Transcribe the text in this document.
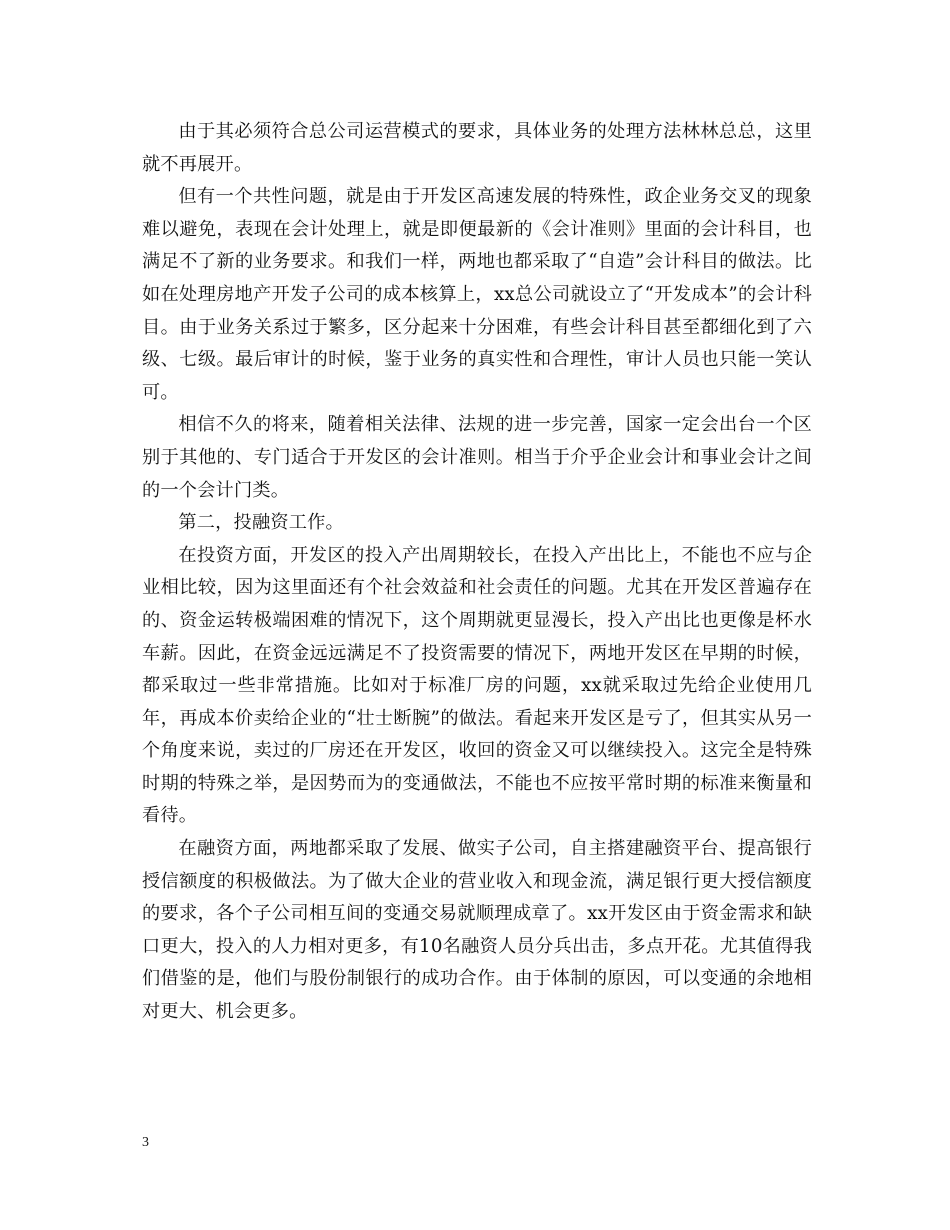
由于其必须符合总公司运营模式的要求，具体业务的处理方法林林总总，这里就不再展开。

但有一个共性问题，就是由于开发区高速发展的特殊性，政企业务交叉的现象难以避免，表现在会计处理上，就是即便最新的《会计准则》里面的会计科目，也满足不了新的业务要求。和我们一样，两地也都采取了“自造”会计科目的做法。比如在处理房地产开发子公司的成本核算上，xx总公司就设立了“开发成本”的会计科目。由于业务关系过于繁多，区分起来十分困难，有些会计科目甚至都细化到了六级、七级。最后审计的时候，鉴于业务的真实性和合理性，审计人员也只能一笑认可。

相信不久的将来，随着相关法律、法规的进一步完善，国家一定会出台一个区别于其他的、专门适合于开发区的会计准则。相当于介乎企业会计和事业会计之间的一个会计门类。

第二，投融资工作。

在投资方面，开发区的投入产出周期较长，在投入产出比上，不能也不应与企业相比较，因为这里面还有个社会效益和社会责任的问题。尤其在开发区普遍存在的、资金运转极端困难的情况下，这个周期就更显漫长，投入产出比也更像是杯水车薪。因此，在资金远远满足不了投资需要的情况下，两地开发区在早期的时候，都采取过一些非常措施。比如对于标准厂房的问题，xx就采取过先给企业使用几年，再成本价卖给企业的“壮士断腕”的做法。看起来开发区是亏了，但其实从另一个角度来说，卖过的厂房还在开发区，收回的资金又可以继续投入。这完全是特殊时期的特殊之举，是因势而为的变通做法，不能也不应按平常时期的标准来衡量和看待。

在融资方面，两地都采取了发展、做实子公司，自主搭建融资平台、提高银行授信额度的积极做法。为了做大企业的营业收入和现金流，满足银行更大授信额度的要求，各个子公司相互间的变通交易就顺理成章了。xx开发区由于资金需求和缺口更大，投入的人力相对更多，有10名融资人员分兵出击，多点开花。尤其值得我们借鉴的是，他们与股份制银行的成功合作。由于体制的原因，可以变通的余地相对更大、机会更多。

3
